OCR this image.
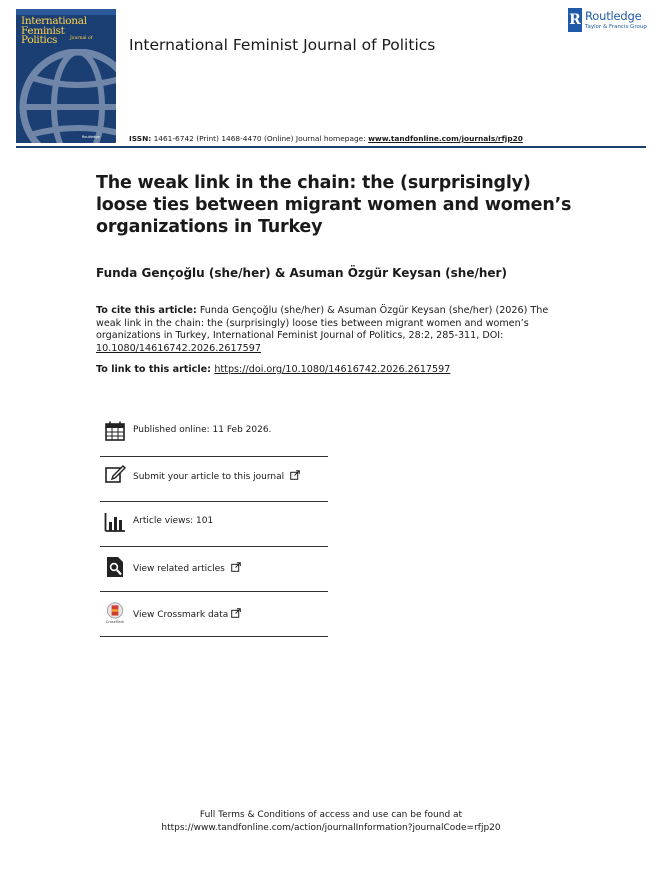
International
Feminist
Politics	Journal of
Routledge
International Feminist Journal of Politics
R Routledge
Taylor & Francis Group
ISSN: 1461-6742 (Print) 1468-4470 (Online) Journal homepage: www.tandfonline.com/journals/rfjp20
The weak link in the chain: the (surprisingly) loose ties between migrant women and women’s organizations in Turkey
Funda Gençoğlu (she/her) & Asuman Özgür Keysan (she/her)
To cite this article: Funda Gençoğlu (she/her) & Asuman Özgür Keysan (she/her) (2026) The weak link in the chain: the (surprisingly) loose ties between migrant women and women’s organizations in Turkey, International Feminist Journal of Politics, 28:2, 285-311, DOI: 10.1080/14616742.2026.2617597
To link to this article: https://doi.org/10.1080/14616742.2026.2617597
Published online: 11 Feb 2026.
Submit your article to this journal
Article views: 101
View related articles
CrossMark
View Crossmark data
Full Terms & Conditions of access and use can be found at
https://www.tandfonline.com/action/journalInformation?journalCode=rfjp20
